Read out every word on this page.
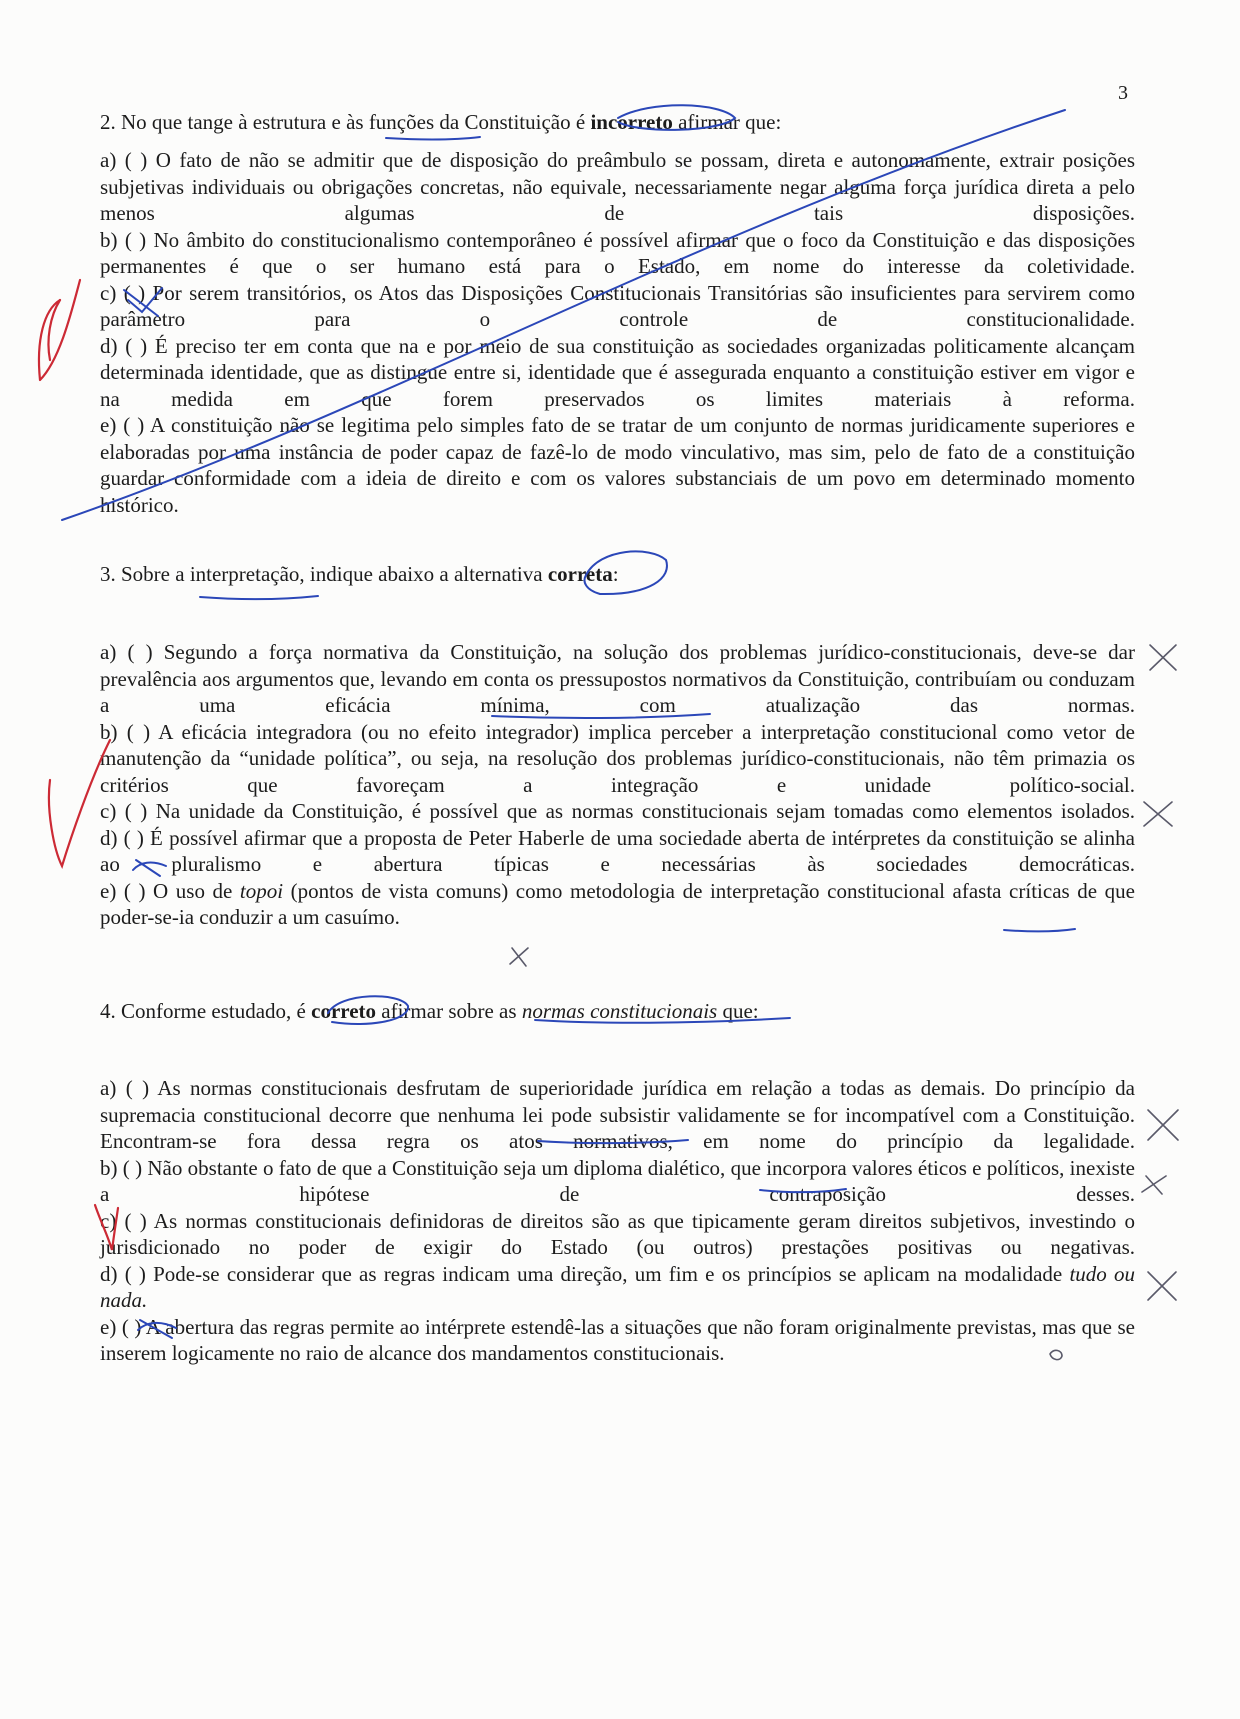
3
2. No que tange à estrutura e às funções da Constituição é incorreto afirmar que:
a) ( ) O fato de não se admitir que de disposição do preâmbulo se possam, direta e autonomamente, extrair posições subjetivas individuais ou obrigações concretas, não equivale, necessariamente negar alguma força jurídica direta a pelo menos algumas de tais disposições.
b) ( ) No âmbito do constitucionalismo contemporâneo é possível afirmar que o foco da Constituição e das disposições permanentes é que o ser humano está para o Estado, em nome do interesse da coletividade.
c) ( ) Por serem transitórios, os Atos das Disposições Constitucionais Transitórias são insuficientes para servirem como parâmetro para o controle de constitucionalidade.
d) ( ) É preciso ter em conta que na e por meio de sua constituição as sociedades organizadas politicamente alcançam determinada identidade, que as distingue entre si, identidade que é assegurada enquanto a constituição estiver em vigor e na medida em que forem preservados os limites materiais à reforma.
e) ( ) A constituição não se legitima pelo simples fato de se tratar de um conjunto de normas juridicamente superiores e elaboradas por uma instância de poder capaz de fazê-lo de modo vinculativo, mas sim, pelo de fato de a constituição guardar conformidade com a ideia de direito e com os valores substanciais de um povo em determinado momento histórico.
3. Sobre a interpretação, indique abaixo a alternativa correta:
a) ( ) Segundo a força normativa da Constituição, na solução dos problemas jurídico-constitucionais, deve-se dar prevalência aos argumentos que, levando em conta os pressupostos normativos da Constituição, contribuíam ou conduzam a uma eficácia mínima, com atualização das normas.
b) ( ) A eficácia integradora (ou no efeito integrador) implica perceber a interpretação constitucional como vetor de manutenção da “unidade política”, ou seja, na resolução dos problemas jurídico-constitucionais, não têm primazia os critérios que favoreçam a integração e unidade político-social.
c) ( ) Na unidade da Constituição, é possível que as normas constitucionais sejam tomadas como elementos isolados.
d) ( ) É possível afirmar que a proposta de Peter Haberle de uma sociedade aberta de intérpretes da constituição se alinha ao pluralismo e abertura típicas e necessárias às sociedades democráticas.
e) ( ) O uso de topoi (pontos de vista comuns) como metodologia de interpretação constitucional afasta críticas de que poder-se-ia conduzir a um casuímo.
4. Conforme estudado, é correto afirmar sobre as normas constitucionais que:
a) ( ) As normas constitucionais desfrutam de superioridade jurídica em relação a todas as demais. Do princípio da supremacia constitucional decorre que nenhuma lei pode subsistir validamente se for incompatível com a Constituição. Encontram-se fora dessa regra os atos normativos, em nome do princípio da legalidade.
b) ( ) Não obstante o fato de que a Constituição seja um diploma dialético, que incorpora valores éticos e políticos, inexiste a hipótese de contraposição desses.
c) ( ) As normas constitucionais definidoras de direitos são as que tipicamente geram direitos subjetivos, investindo o jurisdicionado no poder de exigir do Estado (ou outros) prestações positivas ou negativas.
d) ( ) Pode-se considerar que as regras indicam uma direção, um fim e os princípios se aplicam na modalidade tudo ou nada.
e) ( ) A abertura das regras permite ao intérprete estendê-las a situações que não foram originalmente previstas, mas que se inserem logicamente no raio de alcance dos mandamentos constitucionais.
